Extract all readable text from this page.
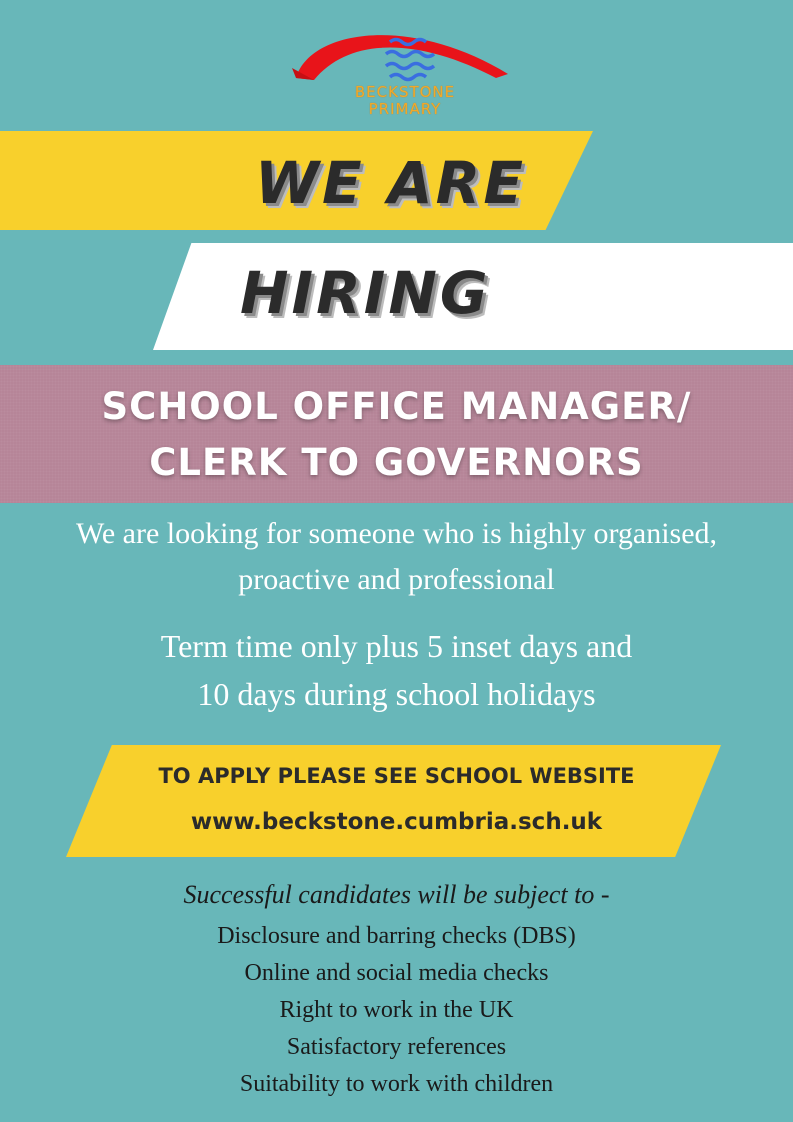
BECKSTONE
PRIMARY
WE ARE
HIRING
SCHOOL OFFICE MANAGER/
CLERK TO GOVERNORS
We are looking for someone who is highly organised,
proactive and professional
Term time only plus 5 inset days and
10 days during school holidays
TO APPLY PLEASE SEE SCHOOL WEBSITE
www.beckstone.cumbria.sch.uk
Successful candidates will be subject to -
Disclosure and barring checks (DBS)
Online and social media checks
Right to work in the UK
Satisfactory references
Suitability to work with children
